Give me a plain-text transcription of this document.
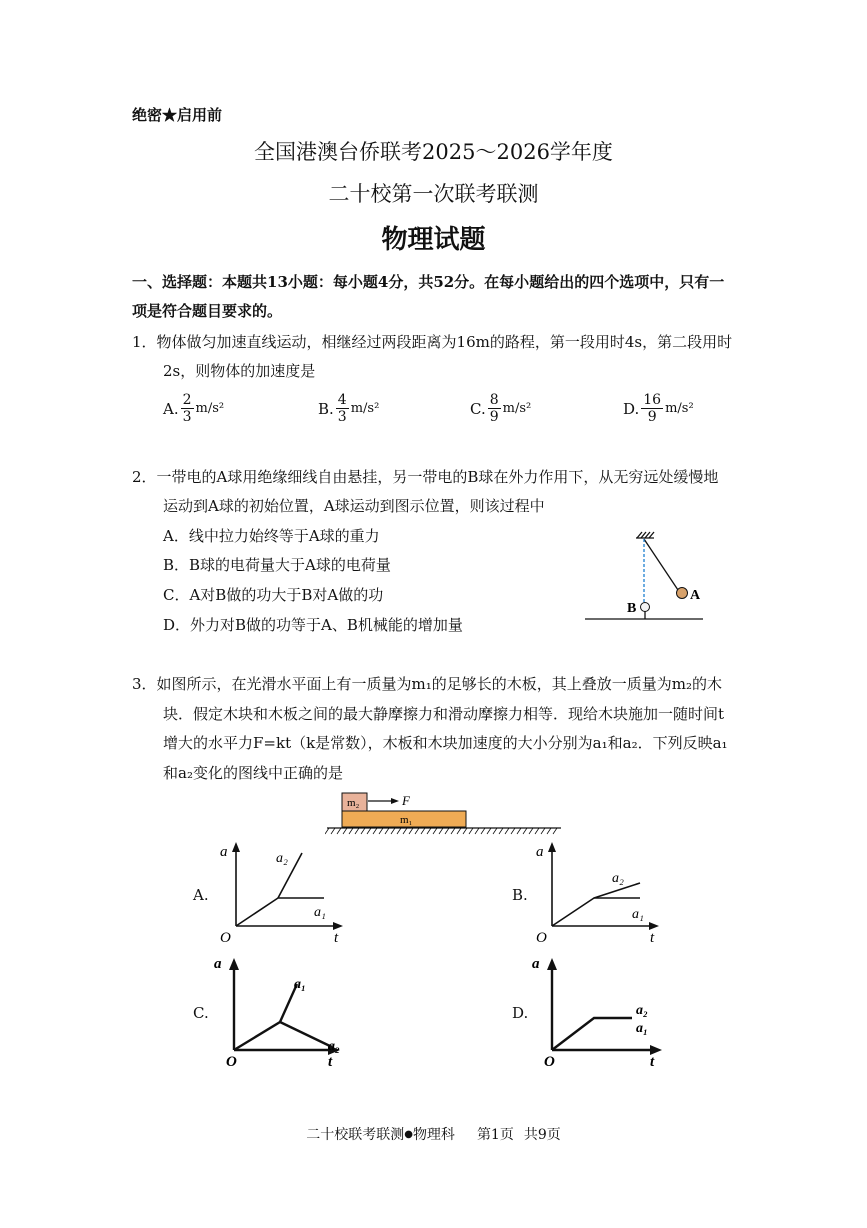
绝密★启用前
全国港澳台侨联考2025～2026学年度
二十校第一次联考联测
物理试题
一、选择题：本题共13小题：每小题4分，共52分。在每小题给出的四个选项中，只有一
项是符合题目要求的。
1．物体做匀加速直线运动，相继经过两段距离为16m的路程，第一段用时4s，第二段用时
2s，则物体的加速度是
A. $\frac{2}{3} m/s^2$	B. $\frac{4}{3} m/s^2$	C. $\frac{8}{9} m/s^2$	D. $\frac{16}{9} m/s^2$
2．一带电的A球用绝缘细线自由悬挂，另一带电的B球在外力作用下，从无穷远处缓慢地
运动到A球的初始位置，A球运动到图示位置，则该过程中
A．线中拉力始终等于A球的重力
B．B球的电荷量大于A球的电荷量
C．A对B做的功大于B对A做的功
D．外力对B做的功等于A、B机械能的增加量
A
B
3．如图所示，在光滑水平面上有一质量为m₁的足够长的木板，其上叠放一质量为m₂的木
块．假定木块和木板之间的最大静摩擦力和滑动摩擦力相等．现给木块施加一随时间t
增大的水平力F=kt（k是常数），木板和木块加速度的大小分别为a₁和a₂．下列反映a₁
和a₂变化的图线中正确的是
m₂
m₁
F
A.
a
t
O
a₂
a₁
B.
a
t
O
a₂
a₁
C.
a
t
O
a₁
a₂
D.
a
t
O
a₂
a₁
二十校联考联测●物理科 第1页 共9页
